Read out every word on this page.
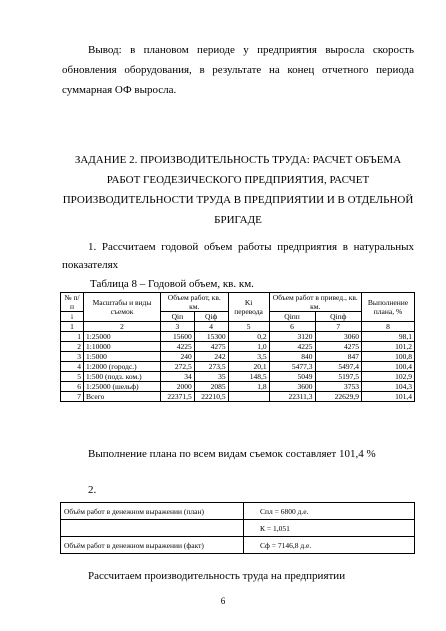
Вывод: в плановом периоде у предприятия выросла скорость обновления оборудования, в результате на конец отчетного периода суммарная ОФ выросла.
ЗАДАНИЕ 2. ПРОИЗВОДИТЕЛЬНОСТЬ ТРУДА: РАСЧЕТ ОБЪЕМА РАБОТ ГЕОДЕЗИЧЕСКОГО ПРЕДПРИЯТИЯ, РАСЧЕТ ПРОИЗВОДИТЕЛЬНОСТИ ТРУДА В ПРЕДПРИЯТИИ И В ОТДЕЛЬНОЙ БРИГАДЕ
1. Рассчитаем годовой объем работы предприятия в натуральных показателях
Таблица 8 – Годовой объем, кв. км.
№ п/п	Масштабы и виды съемок	Объем работ, кв. км.		Ki перевода	Объем работ в привед., кв. км.		Выполнение плана, %

i		Qiп	Qiф		Qiпп	Qiпф	
1	2	3	4	5	6	7	8
1	1:25000	15600	15300	0,2	3120	3060	98,1
2	1:10000	4225	4275	1,0	4225	4275	101,2
3	1:5000	240	242	3,5	840	847	100,8
4	1:2000 (городс.)	272,5	273,5	20,1	5477,3	5497,4	100,4
5	1:500 (подз. ком.)	34	35	148,5	5049	5197,5	102,9
6	1:25000 (шельф)	2000	2085	1,8	3600	3753	104,3
7	Всего	22371,5	22210,5		22311,3	22629,9	101,4
Выполнение плана по всем видам съемок составляет 101,4 %
2.
Объём работ в денежном выражении (план)	Спл = 6800 д.е.
	К = 1,051
Объём работ в денежном выражении (факт)	Сф = 7146,8 д.е.
Рассчитаем производительность труда на предприятии
6
